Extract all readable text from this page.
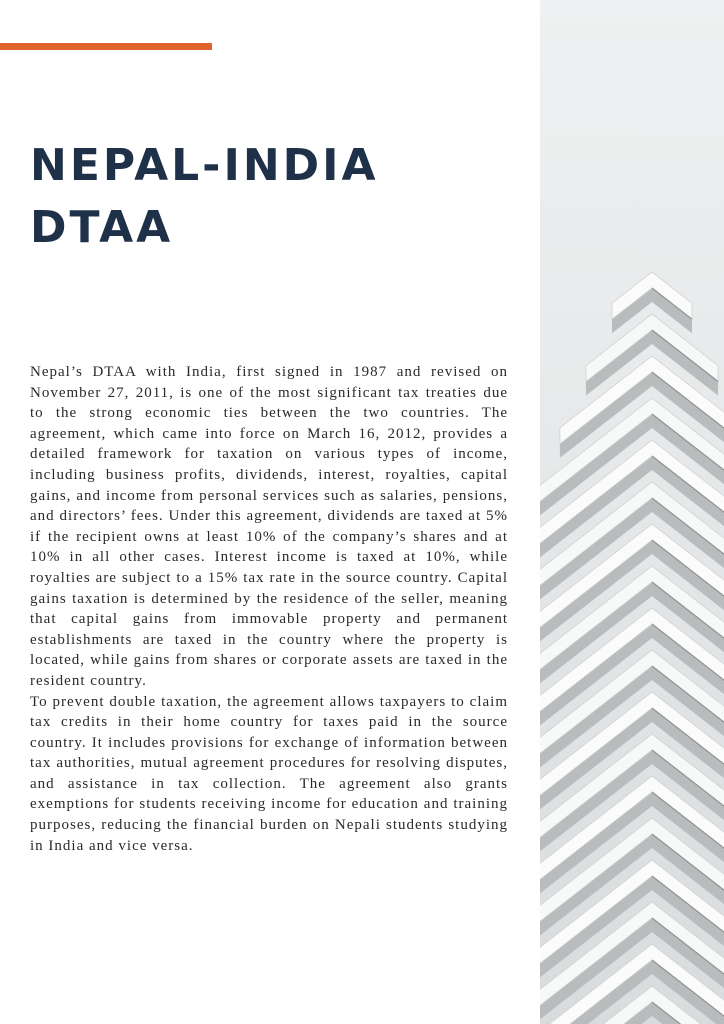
NEPAL-INDIA
DTAA

Nepal’s DTAA with India, first signed in 1987 and revised on November 27, 2011, is one of the most significant tax treaties due to the strong economic ties between the two countries. The agreement, which came into force on March 16, 2012, provides a detailed framework for taxation on various types of income, including business profits, dividends, interest, royalties, capital gains, and income from personal services such as salaries, pensions, and directors’ fees. Under this agreement, dividends are taxed at 5% if the recipient owns at least 10% of the company’s shares and at 10% in all other cases. Interest income is taxed at 10%, while royalties are subject to a 15% tax rate in the source country. Capital gains taxation is determined by the residence of the seller, meaning that capital gains from immovable property and permanent establishments are taxed in the country where the property is located, while gains from shares or corporate assets are taxed in the resident country.

To prevent double taxation, the agreement allows taxpayers to claim tax credits in their home country for taxes paid in the source country. It includes provisions for exchange of information between tax authorities, mutual agreement procedures for resolving disputes, and assistance in tax collection. The agreement also grants exemptions for students receiving income for education and training purposes, reducing the financial burden on Nepali students studying in India and vice versa.
